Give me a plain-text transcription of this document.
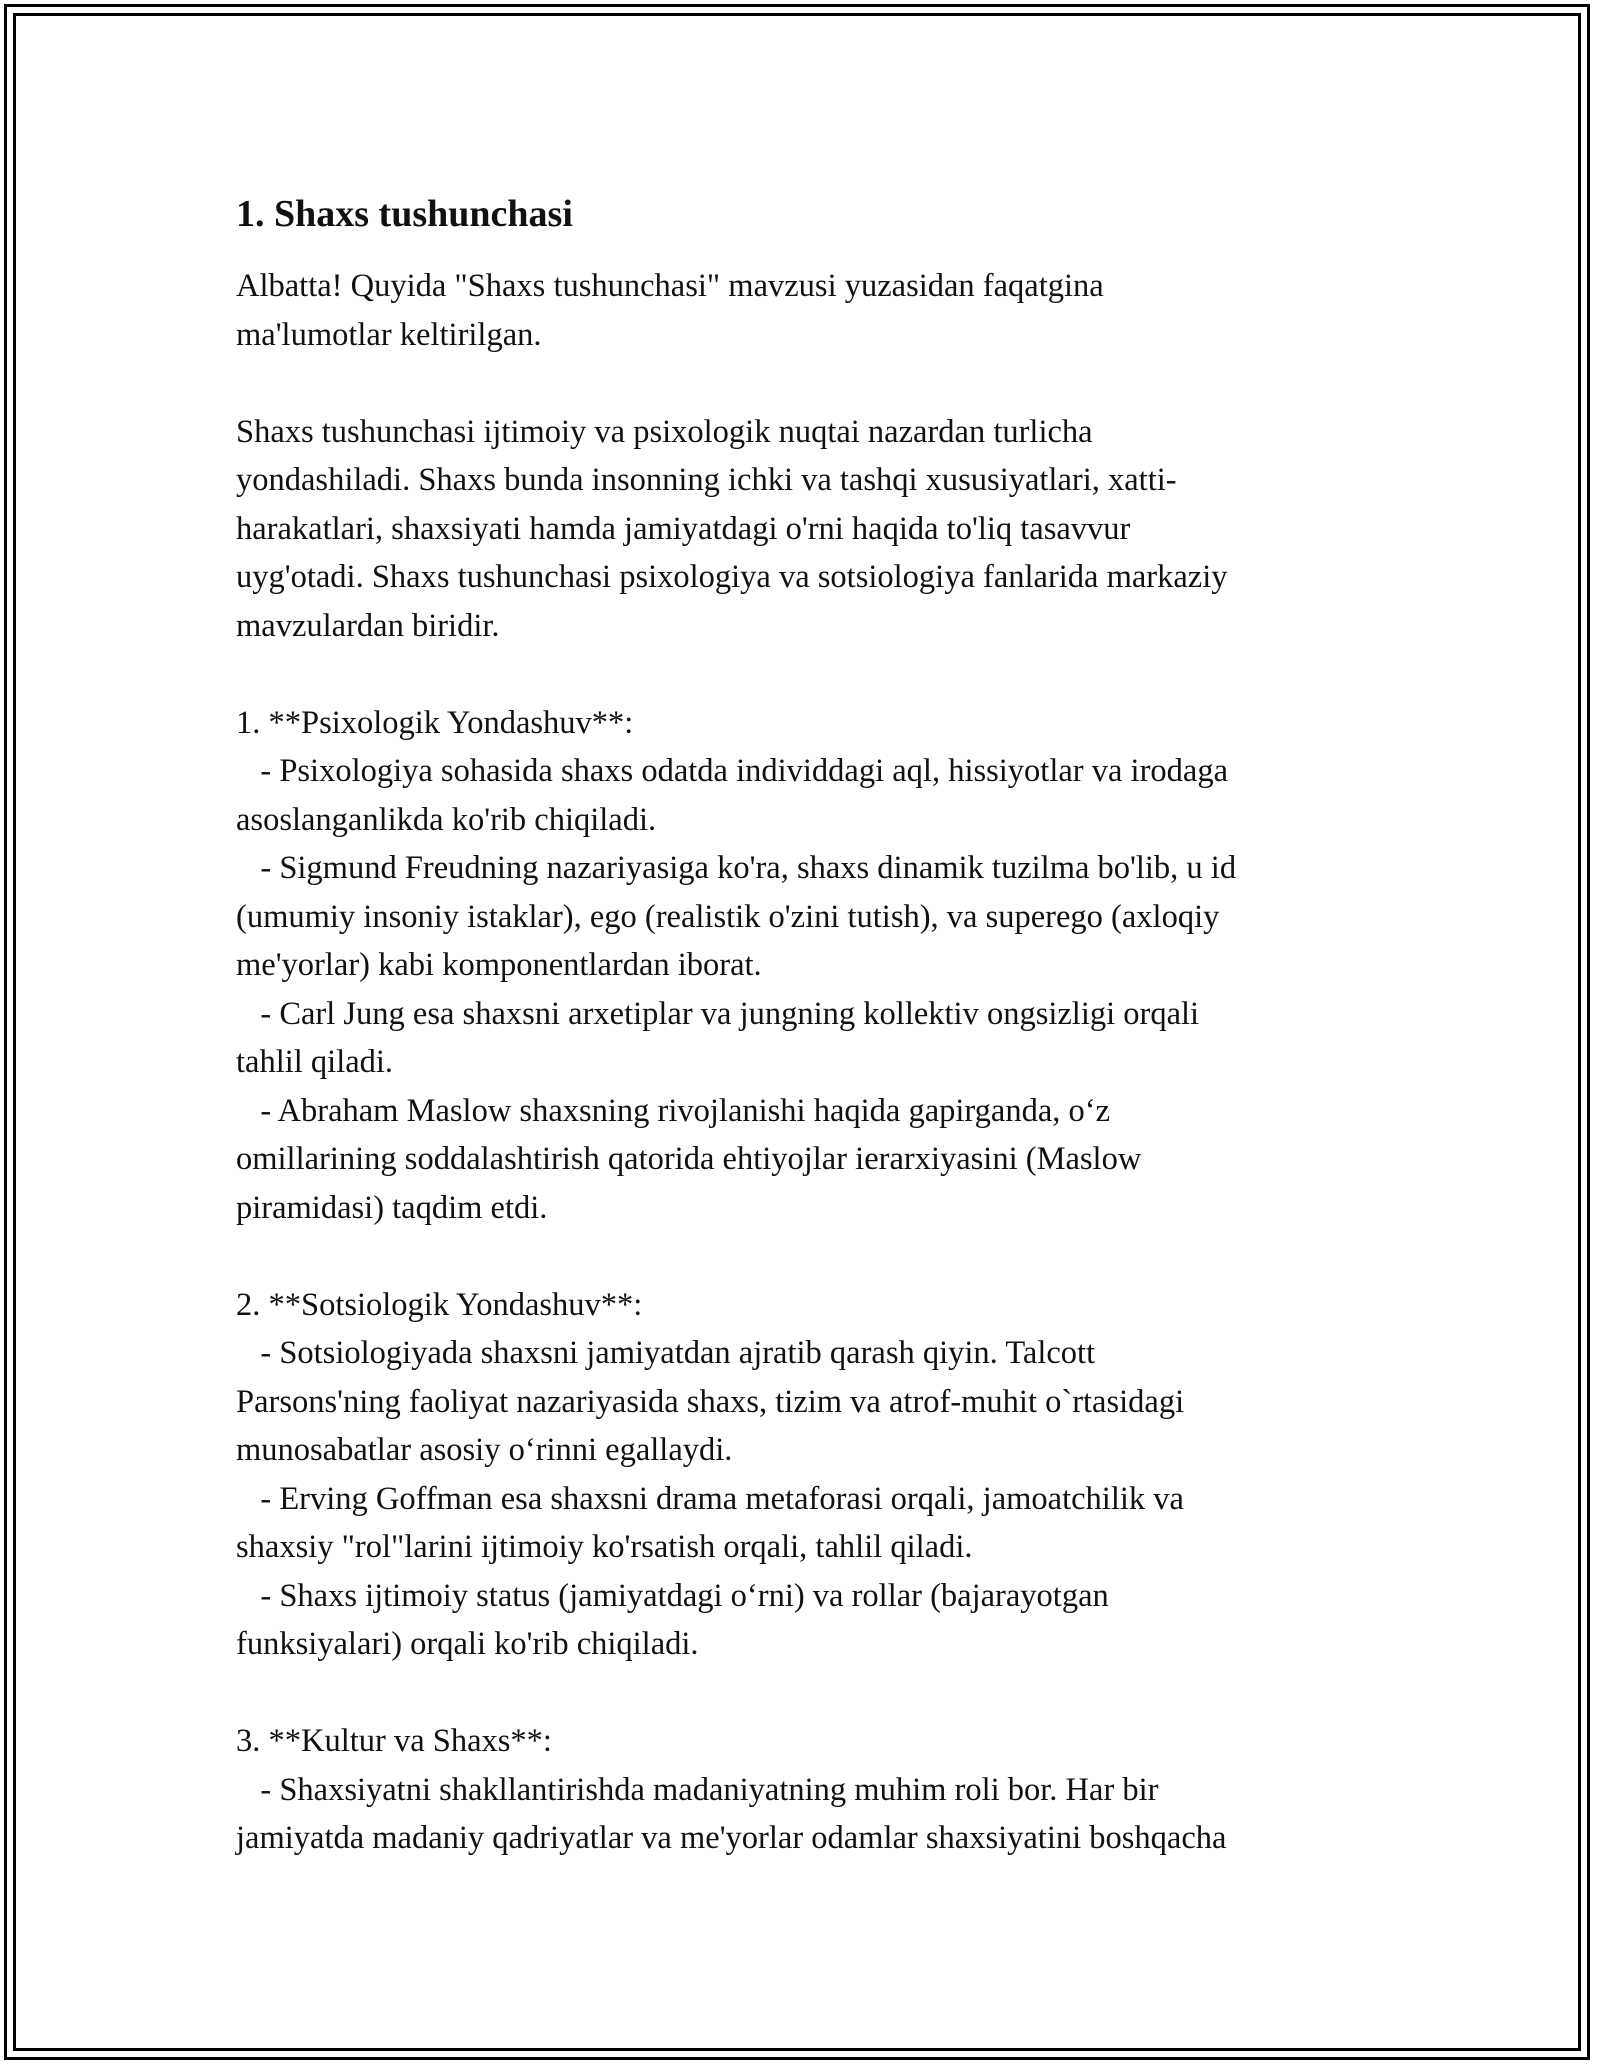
1. Shaxs tushunchasi

Albatta! Quyida "Shaxs tushunchasi" mavzusi yuzasidan faqatgina
ma'lumotlar keltirilgan.

Shaxs tushunchasi ijtimoiy va psixologik nuqtai nazardan turlicha
yondashiladi. Shaxs bunda insonning ichki va tashqi xususiyatlari, xatti-
harakatlari, shaxsiyati hamda jamiyatdagi o'rni haqida to'liq tasavvur
uyg'otadi. Shaxs tushunchasi psixologiya va sotsiologiya fanlarida markaziy
mavzulardan biridir.

1. **Psixologik Yondashuv**:
- Psixologiya sohasida shaxs odatda individdagi aql, hissiyotlar va irodaga
asoslanganlikda ko'rib chiqiladi.
- Sigmund Freudning nazariyasiga ko'ra, shaxs dinamik tuzilma bo'lib, u id
(umumiy insoniy istaklar), ego (realistik o'zini tutish), va superego (axloqiy
me'yorlar) kabi komponentlardan iborat.
- Carl Jung esa shaxsni arxetiplar va jungning kollektiv ongsizligi orqali
tahlil qiladi.
- Abraham Maslow shaxsning rivojlanishi haqida gapirganda, o‘z
omillarining soddalashtirish qatorida ehtiyojlar ierarxiyasini (Maslow
piramidasi) taqdim etdi.

2. **Sotsiologik Yondashuv**:
- Sotsiologiyada shaxsni jamiyatdan ajratib qarash qiyin. Talcott
Parsons'ning faoliyat nazariyasida shaxs, tizim va atrof-muhit o`rtasidagi
munosabatlar asosiy o‘rinni egallaydi.
- Erving Goffman esa shaxsni drama metaforasi orqali, jamoatchilik va
shaxsiy "rol"larini ijtimoiy ko'rsatish orqali, tahlil qiladi.
- Shaxs ijtimoiy status (jamiyatdagi o‘rni) va rollar (bajarayotgan
funksiyalari) orqali ko'rib chiqiladi.

3. **Kultur va Shaxs**:
- Shaxsiyatni shakllantirishda madaniyatning muhim roli bor. Har bir
jamiyatda madaniy qadriyatlar va me'yorlar odamlar shaxsiyatini boshqacha
